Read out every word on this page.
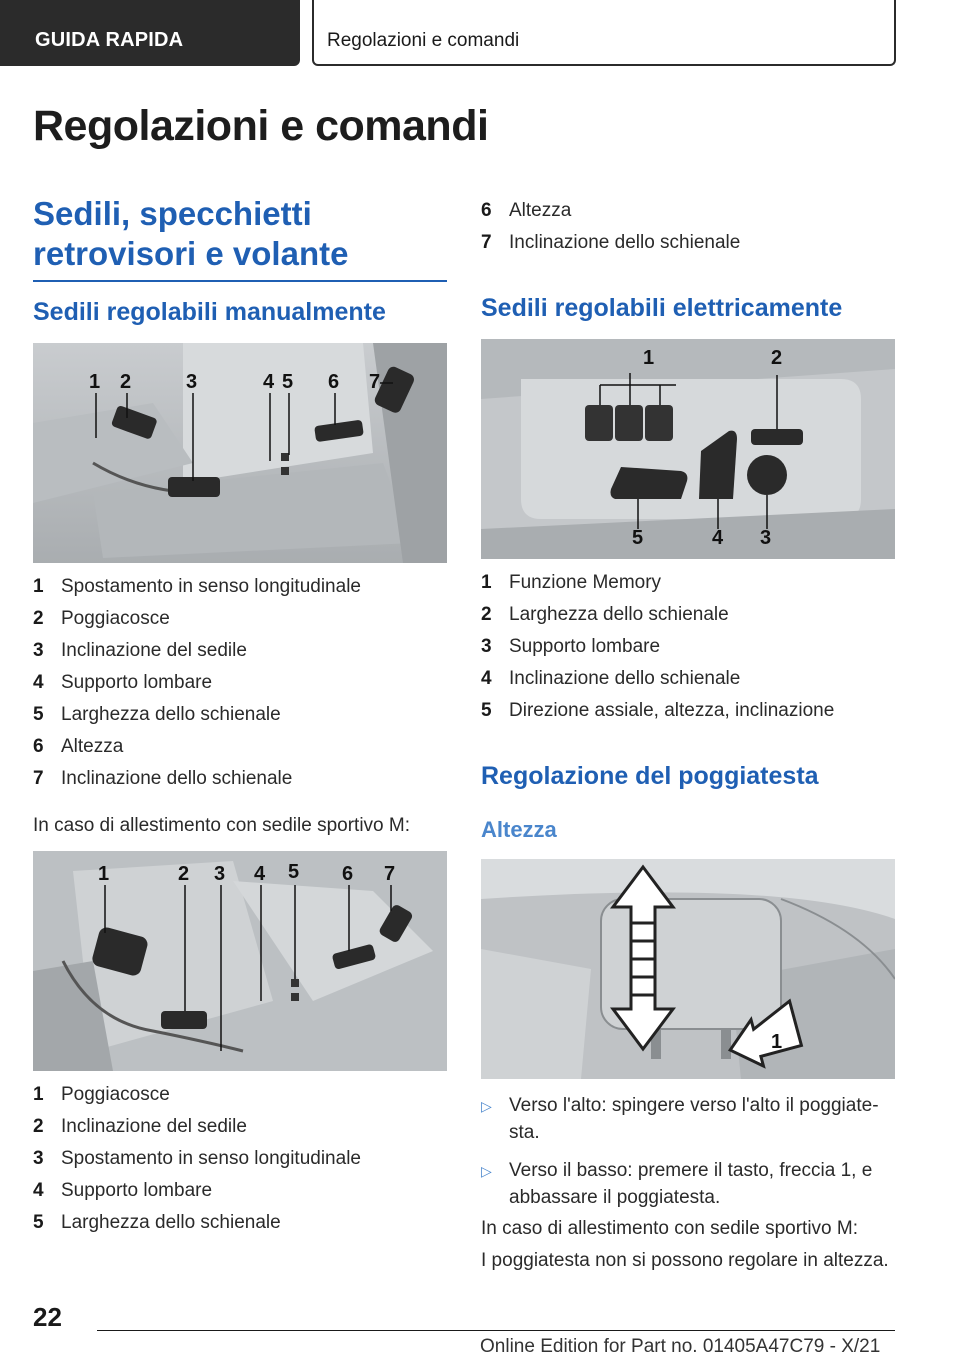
GUIDA RAPIDA	Regolazioni e comandi
Regolazioni e comandi
Sedili, specchietti retrovisori e volante
Sedili regolabili manualmente
1 2	3	4 5 6 7
1 Spostamento in senso longitudinale
2 Poggiacosce
3 Inclinazione del sedile
4 Supporto lombare
5 Larghezza dello schienale
6 Altezza
7 Inclinazione dello schienale

In caso di allestimento con sedile sportivo M:

1	2 3 4 5 6 7
1 Poggiacosce
2 Inclinazione del sedile
3 Spostamento in senso longitudinale
4 Supporto lombare
5 Larghezza dello schienale
6 Altezza
7 Inclinazione dello schienale
Sedili regolabili elettricamente
1	2
3
4
5
1 Funzione Memory
2 Larghezza dello schienale
3 Supporto lombare
4 Inclinazione dello schienale
5 Direzione assiale, altezza, inclinazione
Regolazione del poggiatesta
Altezza
1
▷ Verso l'alto: spingere verso l'alto il poggiate-sta.
▷ Verso il basso: premere il tasto, freccia 1, e abbassare il poggiatesta.

In caso di allestimento con sedile sportivo M:

I poggiatesta non si possono regolare in altezza.

22
Online Edition for Part no. 01405A47C79 - X/21
